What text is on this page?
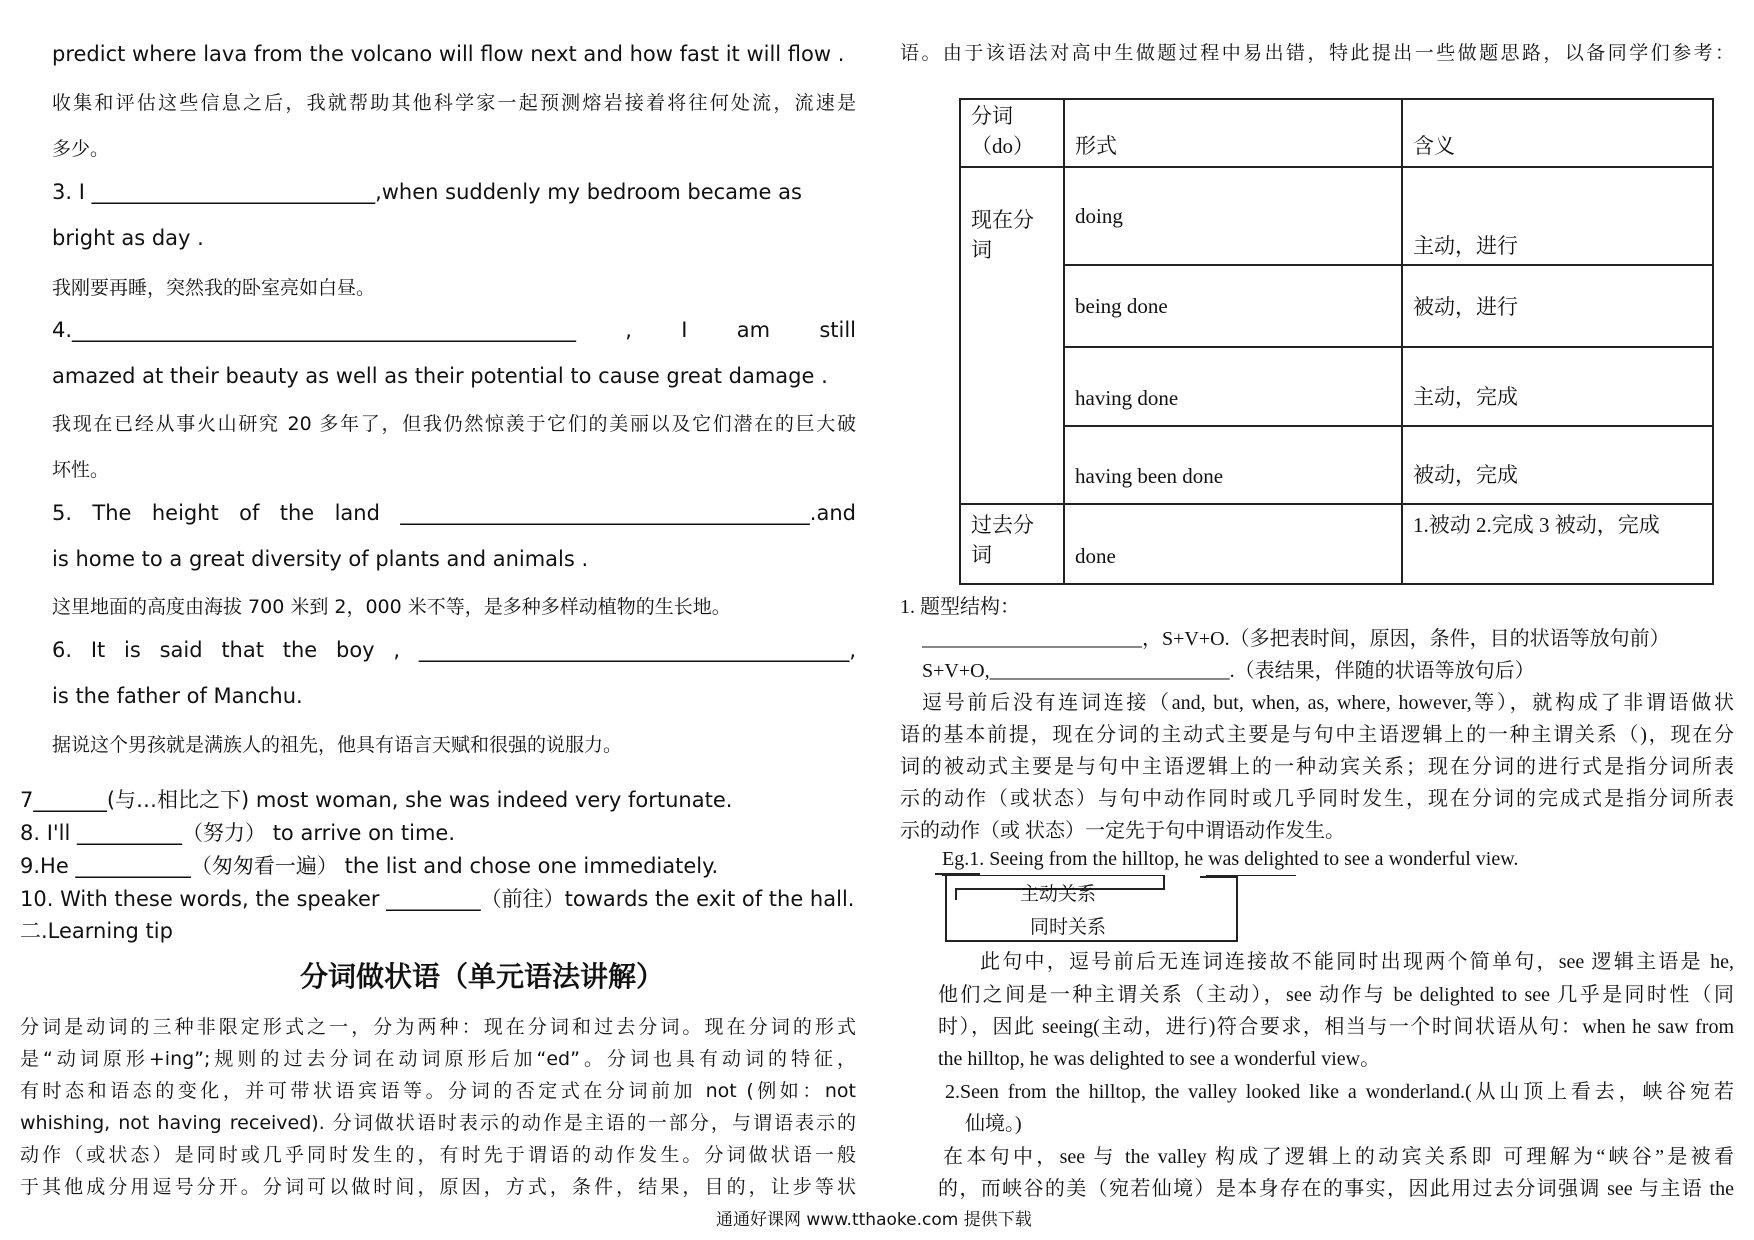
predict where lava from the volcano will flow next and how fast it will flow .
收集和评估这些信息之后，我就帮助其他科学家一起预测熔岩接着将往何处流，流速是
多少。
3. I ___________________________,when suddenly my bedroom became as
bright as day .
我刚要再睡，突然我的卧室亮如白昼。
4.________________________________________________ , I am still
amazed at their beauty as well as their potential to cause great damage .
我现在已经从事火山研究 20 多年了，但我仍然惊羡于它们的美丽以及它们潜在的巨大破
坏性。
5. The height of the land _______________________________________.and
is home to a great diversity of plants and animals .
这里地面的高度由海拔 700 米到 2，000 米不等，是多种多样动植物的生长地。
6. It is said that the boy , _________________________________________,
is the father of Manchu.
据说这个男孩就是满族人的祖先，他具有语言天赋和很强的说服力。
7_______(与…相比之下) most woman, she was indeed very fortunate.
8. I'll __________（努力） to arrive on time.
9.He ___________（匆匆看一遍） the list and chose one immediately.
10. With these words, the speaker _________（前往）towards the exit of the hall.
二.Learning tip
分词做状语（单元语法讲解）
分词是动词的三种非限定形式之一，分为两种：现在分词和过去分词。现在分词的形式
是“动词原形+ing”;规则的过去分词在动词原形后加“ed”。分词也具有动词的特征，
有时态和语态的变化，并可带状语宾语等。分词的否定式在分词前加 not (例如：not
whishing, not having received). 分词做状语时表示的动作是主语的一部分，与谓语表示的
动作（或状态）是同时或几乎同时发生的，有时先于谓语的动作发生。分词做状语一般
于其他成分用逗号分开。分词可以做时间，原因，方式，条件，结果，目的，让步等状
语。由于该语法对高中生做题过程中易出错，特此提出一些做题思路，以备同学们参考：
分词（do）	形式	含义
现在分词	doing	主动，进行
	being done	被动，进行
	having done	主动，完成
	having been done	被动，完成
过去分词	done	1.被动 2.完成 3 被动，完成
1. 题型结构：
______________________，S+V+O.（多把表时间，原因，条件，目的状语等放句前）
S+V+O,________________________.（表结果，伴随的状语等放句后）
逗号前后没有连词连接（and, but, when, as, where, however,等），就构成了非谓语做状
语的基本前提，现在分词的主动式主要是与句中主语逻辑上的一种主谓关系（)，现在分
词的被动式主要是与句中主语逻辑上的一种动宾关系；现在分词的进行式是指分词所表
示的动作（或状态）与句中动作同时或几乎同时发生，现在分词的完成式是指分词所表
示的动作（或 状态）一定先于句中谓语动作发生。
Eg.1. Seeing from the hilltop, he was delighted to see a wonderful view.
主动关系
同时关系
此句中，逗号前后无连词连接故不能同时出现两个简单句，see 逻辑主语是 he,
他们之间是一种主谓关系（主动），see 动作与 be delighted to see 几乎是同时性（同
时），因此 seeing(主动，进行)符合要求，相当与一个时间状语从句：when he saw from
the hilltop, he was delighted to see a wonderful view。
2.Seen from the hilltop, the valley looked like a wonderland.(从山顶上看去，峡谷宛若
仙境。)
在本句中，see 与 the valley 构成了逻辑上的动宾关系即 可理解为“峡谷”是被看
的，而峡谷的美（宛若仙境）是本身存在的事实，因此用过去分词强调 see 与主语 the
通通好课网 www.tthaoke.com 提供下载
